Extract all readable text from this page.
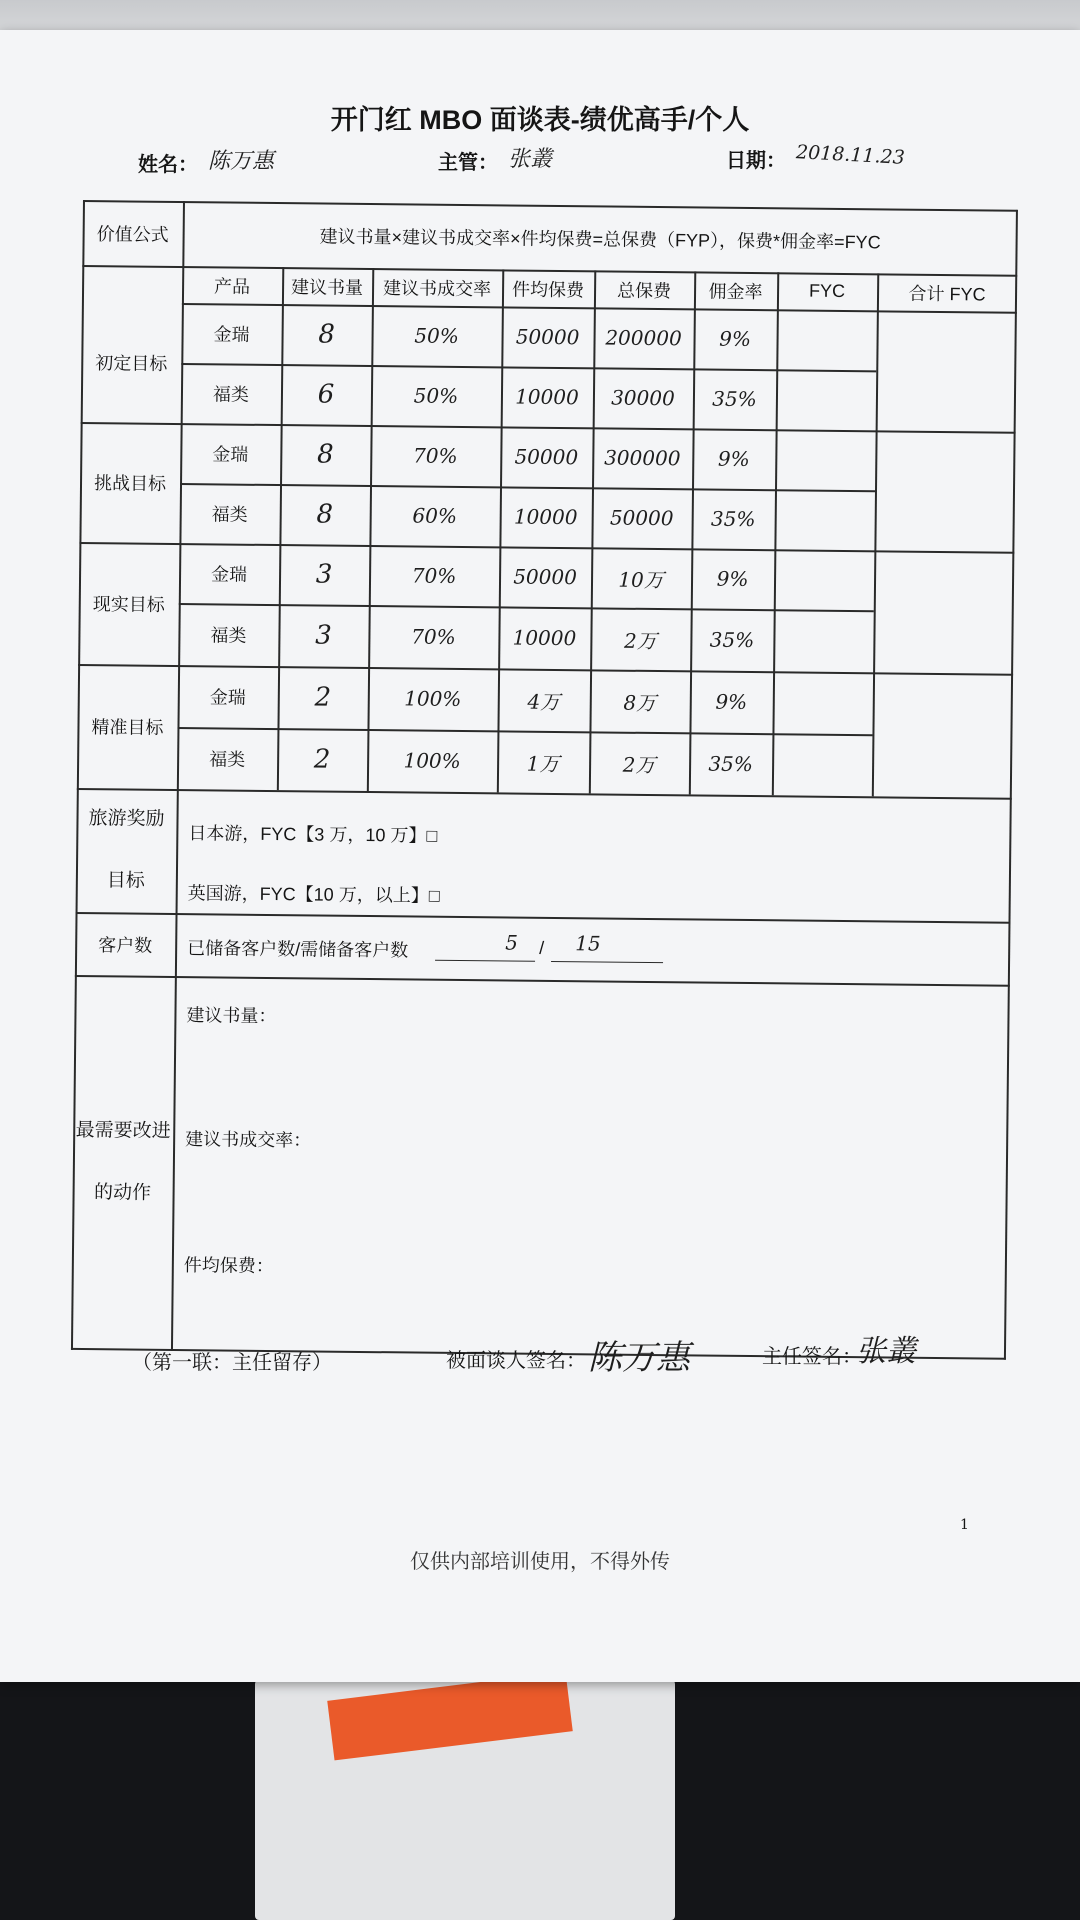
开门红 MBO 面谈表-绩优高手/个人
姓名： 陈万惠	主管： 张叢	日期： 2018.11.23
价值公式	建议书量×建议书成交率×件均保费=总保费（FYP），保费*佣金率=FYC
产品	建议书量	建议书成交率	件均保费	总保费	佣金率	FYC	合计 FYC
初定目标
金瑞	8	50%	50000	200000	9%
福类	6	50%	10000	30000	35%
挑战目标
金瑞	8	70%	50000	300000	9%
福类	8	60%	10000	50000	35%
现实目标
金瑞	3	70%	50000	10万	9%
福类	3	70%	10000	2万	35%
精准目标
金瑞	2	100%	4万	8万	9%
福类	2	100%	1万	2万	35%
旅游奖励
目标
日本游，FYC【3 万，10 万】□
英国游，FYC【10 万，以上】□
客户数	已储备客户数/需储备客户数	5 / 15
最需要改进
的动作
建议书量：
建议书成交率：
件均保费：
（第一联：主任留存）	被面谈人签名： 陈万惠	主任签名：
张叢
1
仅供内部培训使用，不得外传
